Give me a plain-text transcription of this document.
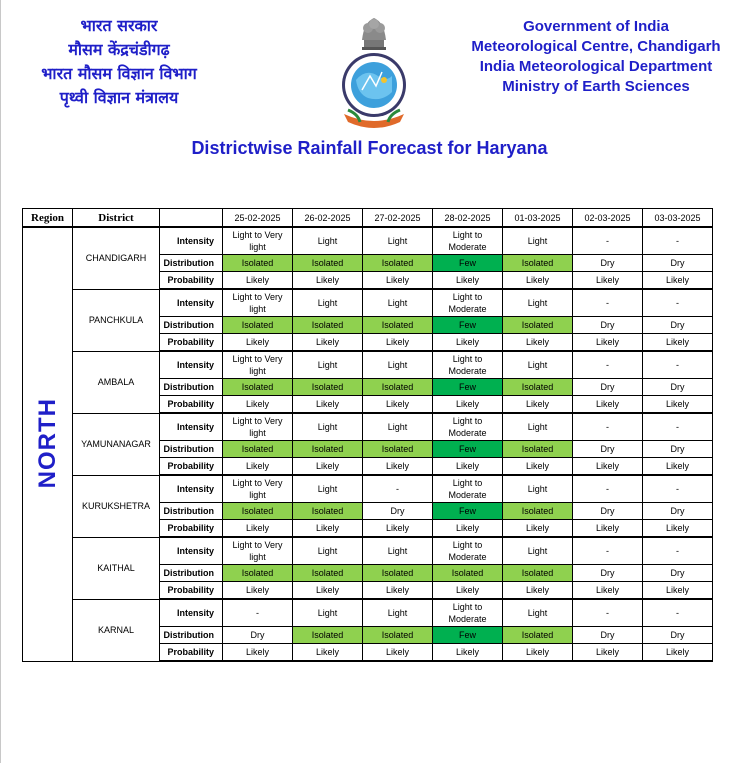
भारत सरकार
मौसम केंद्रचंडीगढ़
भारत मौसम विज्ञान विभाग
पृथ्वी विज्ञान मंत्रालय
Government of India
Meteorological Centre, Chandigarh
India Meteorological Department
Ministry of Earth Sciences
Districtwise Rainfall Forecast for Haryana
Region	District		25-02-2025	26-02-2025	27-02-2025	28-02-2025	01-03-2025	02-03-2025	03-03-2025
NORTH	CHANDIGARH	Intensity	Light to Very light	Light	Light	Light to Moderate	Light	-	-
		Distribution	Isolated	Isolated	Isolated	Few	Isolated	Dry	Dry
		Probability	Likely	Likely	Likely	Likely	Likely	Likely	Likely
	PANCHKULA	Intensity	Light to Very light	Light	Light	Light to Moderate	Light	-	-
		Distribution	Isolated	Isolated	Isolated	Few	Isolated	Dry	Dry
		Probability	Likely	Likely	Likely	Likely	Likely	Likely	Likely
	AMBALA	Intensity	Light to Very light	Light	Light	Light to Moderate	Light	-	-
		Distribution	Isolated	Isolated	Isolated	Few	Isolated	Dry	Dry
		Probability	Likely	Likely	Likely	Likely	Likely	Likely	Likely
	YAMUNANAGAR	Intensity	Light to Very light	Light	Light	Light to Moderate	Light	-	-
		Distribution	Isolated	Isolated	Isolated	Few	Isolated	Dry	Dry
		Probability	Likely	Likely	Likely	Likely	Likely	Likely	Likely
	KURUKSHETRA	Intensity	Light to Very light	Light	-	Light to Moderate	Light	-	-
		Distribution	Isolated	Isolated	Dry	Few	Isolated	Dry	Dry
		Probability	Likely	Likely	Likely	Likely	Likely	Likely	Likely
	KAITHAL	Intensity	Light to Very light	Light	Light	Light to Moderate	Light	-	-
		Distribution	Isolated	Isolated	Isolated	Isolated	Isolated	Dry	Dry
		Probability	Likely	Likely	Likely	Likely	Likely	Likely	Likely
	KARNAL	Intensity	-	Light	Light	Light to Moderate	Light	-	-
		Distribution	Dry	Isolated	Isolated	Few	Isolated	Dry	Dry
		Probability	Likely	Likely	Likely	Likely	Likely	Likely	Likely
